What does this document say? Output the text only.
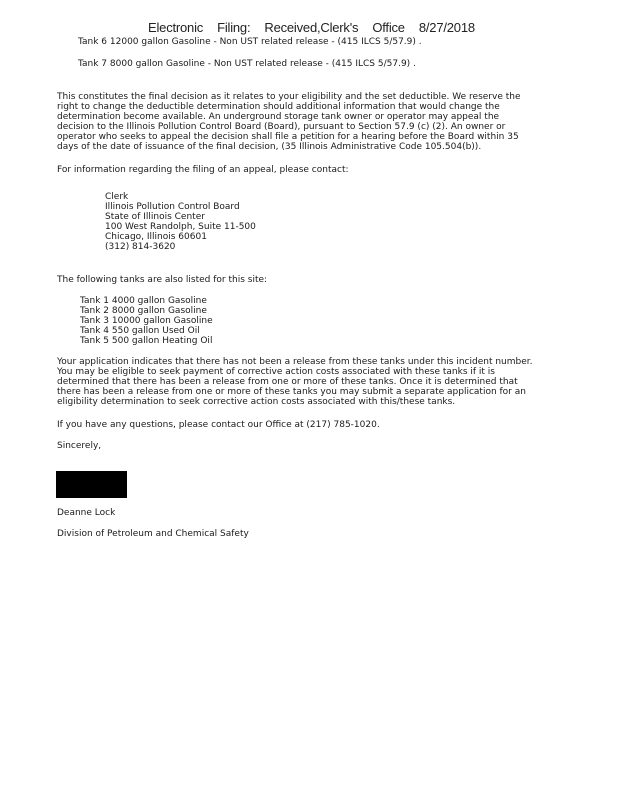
Electronic Filing: Received,Clerk's Office 8/27/2018
Tank 6 12000 gallon Gasoline - Non UST related release - (415 ILCS 5/57.9) .
Tank 7 8000 gallon Gasoline - Non UST related release - (415 ILCS 5/57.9) .
This constitutes the final decision as it relates to your eligibility and the set deductible. We reserve the
right to change the deductible determination should additional information that would change the
determination become available. An underground storage tank owner or operator may appeal the
decision to the Illinois Pollution Control Board (Board), pursuant to Section 57.9 (c) (2). An owner or
operator who seeks to appeal the decision shall file a petition for a hearing before the Board within 35
days of the date of issuance of the final decision, (35 Illinois Administrative Code 105.504(b)).
For information regarding the filing of an appeal, please contact:
Clerk
Illinois Pollution Control Board
State of Illinois Center
100 West Randolph, Suite 11-500
Chicago, Illinois 60601
(312) 814-3620
The following tanks are also listed for this site:
Tank 1 4000 gallon Gasoline
Tank 2 8000 gallon Gasoline
Tank 3 10000 gallon Gasoline
Tank 4 550 gallon Used Oil
Tank 5 500 gallon Heating Oil
Your application indicates that there has not been a release from these tanks under this incident number.
You may be eligible to seek payment of corrective action costs associated with these tanks if it is
determined that there has been a release from one or more of these tanks. Once it is determined that
there has been a release from one or more of these tanks you may submit a separate application for an
eligibility determination to seek corrective action costs associated with this/these tanks.
If you have any questions, please contact our Office at (217) 785-1020.
Sincerely,
Deanne Lock
Division of Petroleum and Chemical Safety
